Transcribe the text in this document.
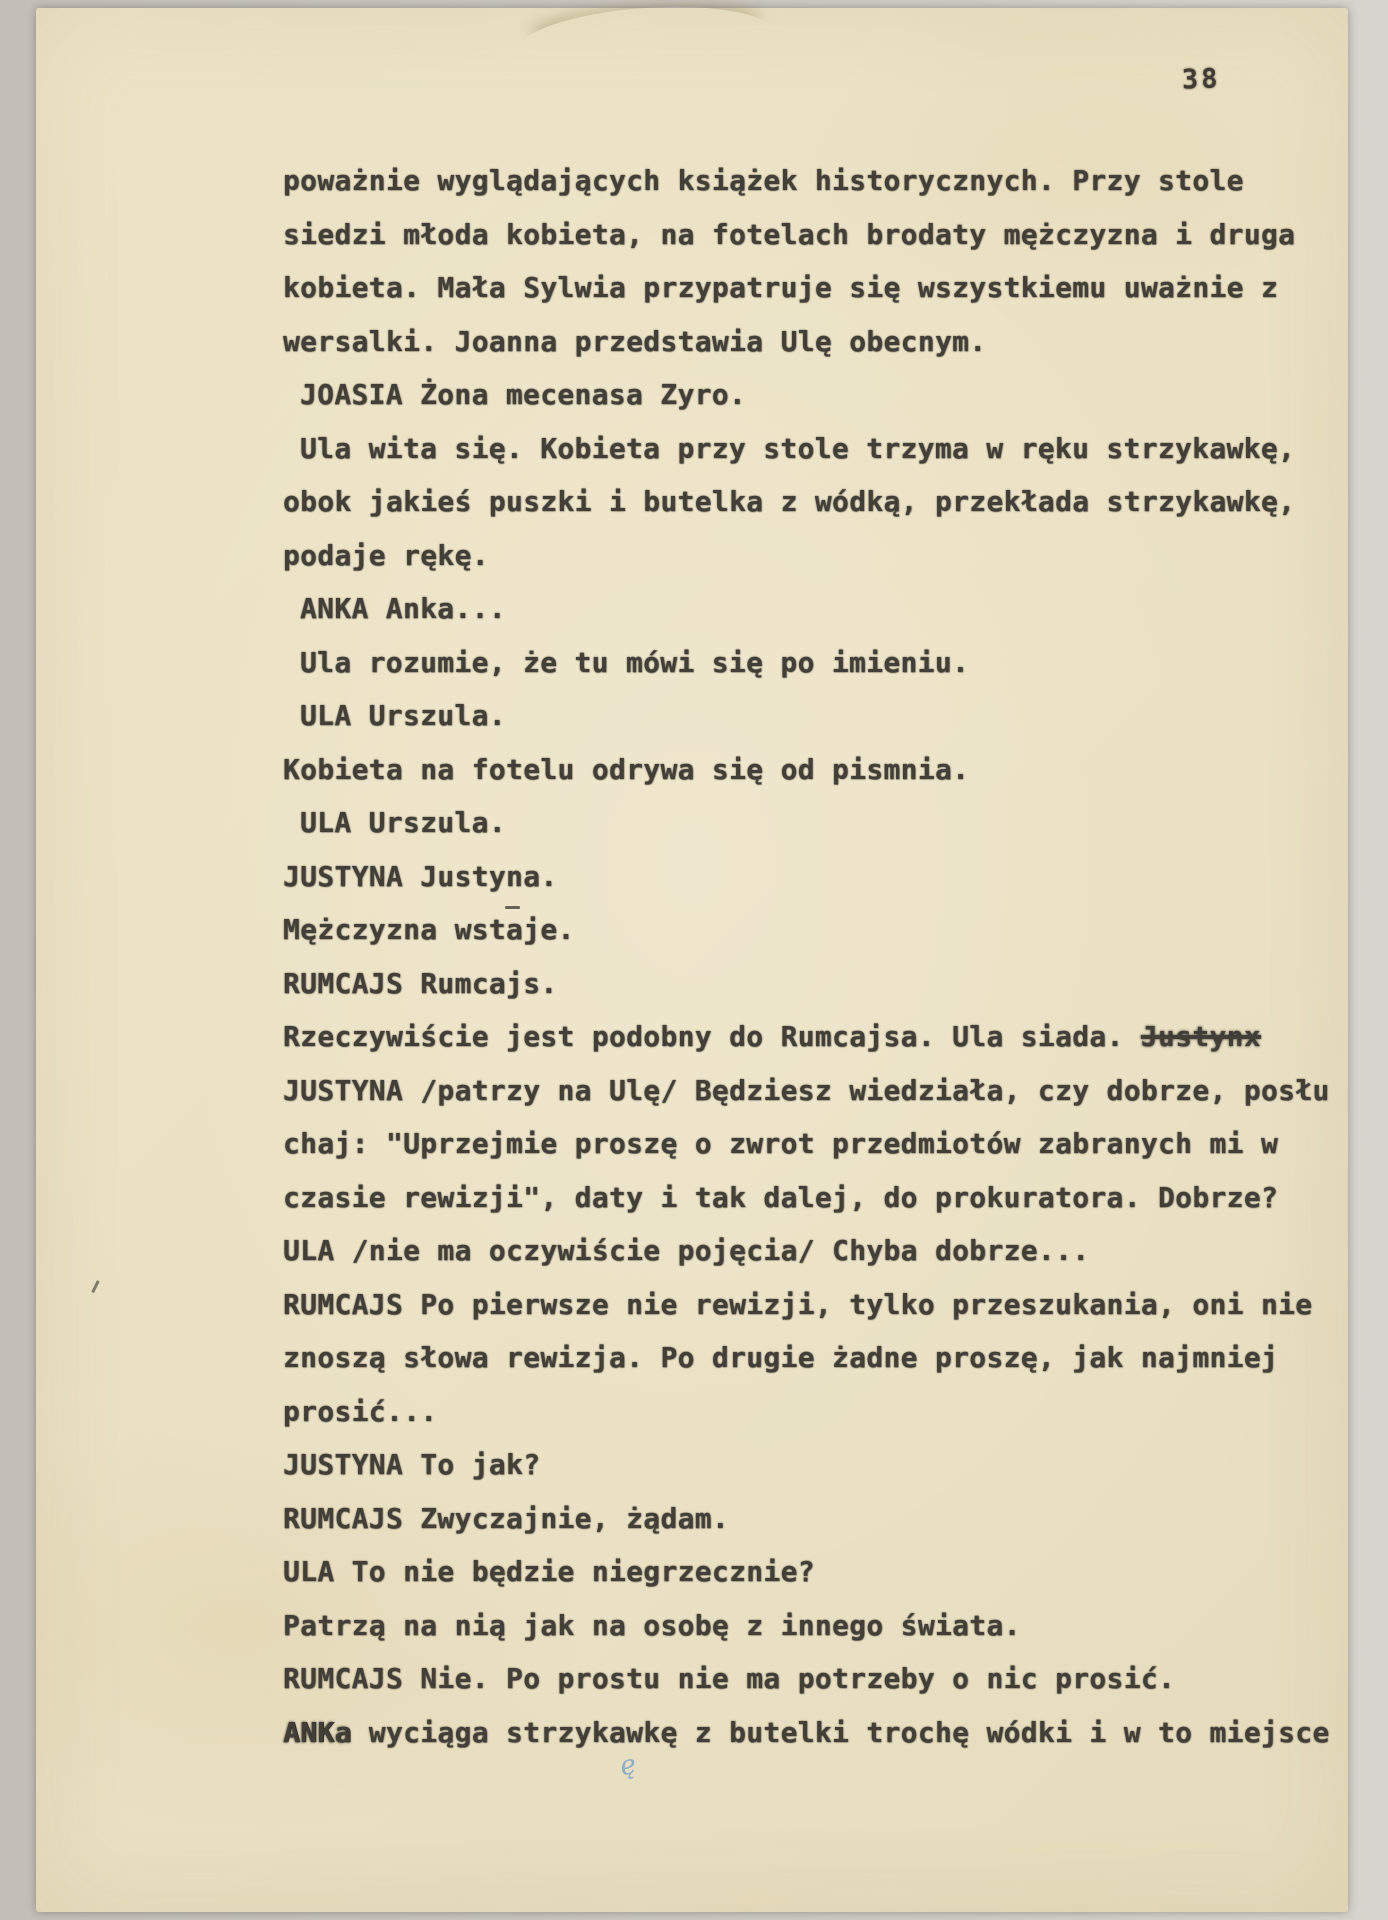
38
poważnie wyglądających książek historycznych. Przy stole
siedzi młoda kobieta, na fotelach brodaty mężczyzna i druga
kobieta. Mała Sylwia przypatruje się wszystkiemu uważnie z
wersalki. Joanna przedstawia Ulę obecnym.
JOASIA Żona mecenasa Zyro.
Ula wita się. Kobieta przy stole trzyma w ręku strzykawkę,
obok jakieś puszki i butelka z wódką, przekłada strzykawkę,
podaje rękę.
ANKA Anka...
Ula rozumie, że tu mówi się po imieniu.
ULA Urszula.
Kobieta na fotelu odrywa się od pismnia.
ULA Urszula.
JUSTYNA Justyna.
Mężczyzna wstaje.
RUMCAJS Rumcajs.
Rzeczywiście jest podobny do Rumcajsa. Ula siada. Justynx
JUSTYNA /patrzy na Ulę/ Będziesz wiedziała, czy dobrze, posłu
chaj: "Uprzejmie proszę o zwrot przedmiotów zabranych mi w
czasie rewizji", daty i tak dalej, do prokuratora. Dobrze?
ULA /nie ma oczywiście pojęcia/ Chyba dobrze...
RUMCAJS Po pierwsze nie rewizji, tylko przeszukania, oni nie
znoszą słowa rewizja. Po drugie żadne proszę, jak najmniej
prosić...
JUSTYNA To jak?
RUMCAJS Zwyczajnie, żądam.
ULA To nie będzie niegrzecznie?
Patrzą na nią jak na osobę z innego świata.
RUMCAJS Nie. Po prostu nie ma potrzeby o nic prosić.
ANKa wyciąga strzykawkę z butelki trochę wódki i w to miejsce
ę
